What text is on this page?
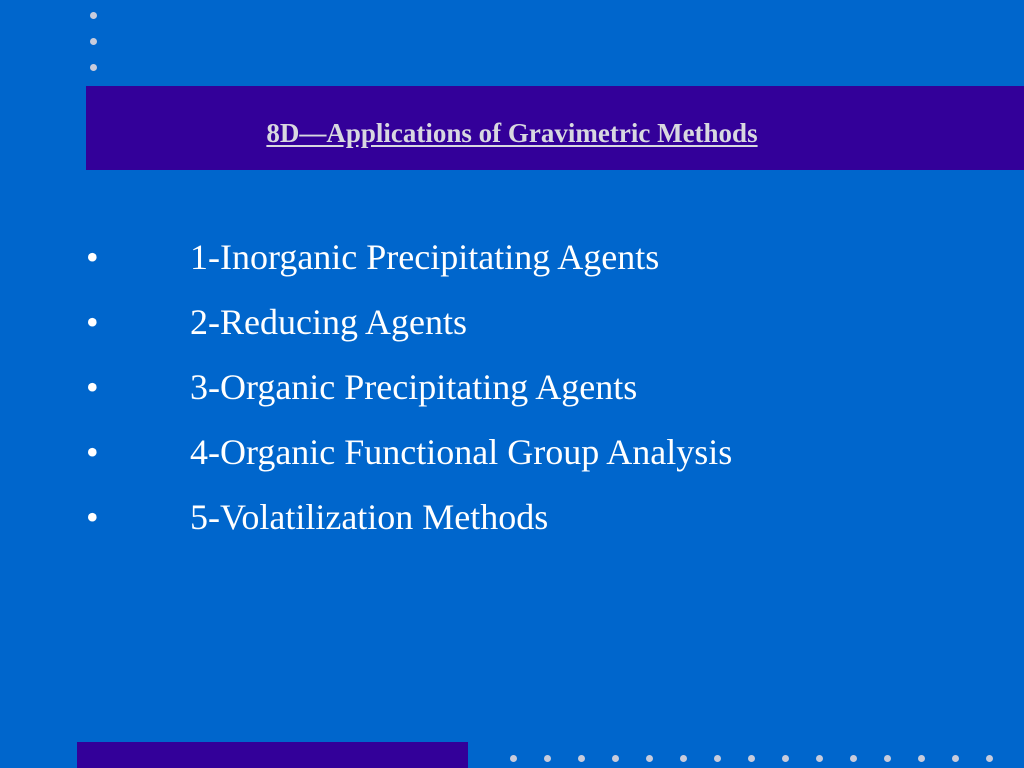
8D—Applications of Gravimetric Methods
•	1-Inorganic Precipitating Agents
•	2-Reducing Agents
•	3-Organic Precipitating Agents
•	4-Organic Functional Group Analysis
•	5-Volatilization Methods
